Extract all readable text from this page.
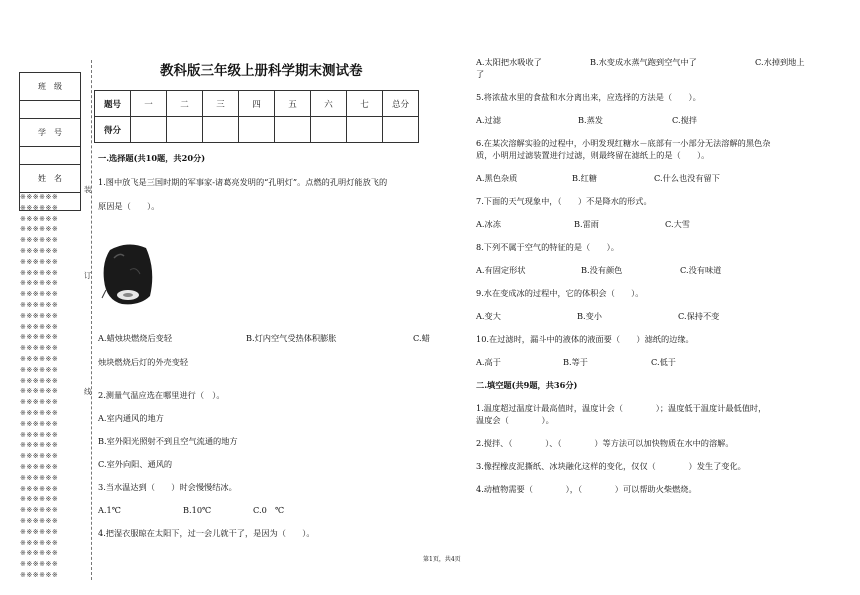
班　级

学　号

姓　名

※※※※※※
※※※※※※
※※※※※※
※※※※※※
※※※※※※
※※※※※※
※※※※※※
※※※※※※
※※※※※※
※※※※※※
※※※※※※
※※※※※※
※※※※※※
※※※※※※
※※※※※※
※※※※※※
※※※※※※
※※※※※※
※※※※※※
※※※※※※
※※※※※※
※※※※※※
※※※※※※
※※※※※※
※※※※※※
※※※※※※
※※※※※※
※※※※※※
※※※※※※
※※※※※※
※※※※※※
※※※※※※
※※※※※※
※※※※※※
※※※※※※
※※※※※※

装
订
线
教科版三年级上册科学期末测试卷
题号	一	二	三	四	五	六	七	总分
得分								
一.选择题(共10题，共20分)
1.图中放飞是三国时期的军事家-诸葛亮发明的“孔明灯”。点燃的孔明灯能放飞的
原因是（　　）。
A.蜡烛块燃烧后变轻	B.灯内空气受热体积膨胀	C.蜡
烛块燃烧后灯的外壳变轻
2.测量气温应选在哪里进行（　）。
A.室内通风的地方
B.室外阳光照射不到且空气流通的地方
C.室外向阳、通风的
3.当水温达到（　　）时会慢慢结冰。
A.1℃	B.10℃	C.0　℃
4.把湿衣服晾在太阳下，过一会儿就干了，是因为（　　）。
A.太阳把水吸收了	B.水变成水蒸气跑到空气中了	C.水掉到地上
了
5.将浓盐水里的食盐和水分离出来，应选择的方法是（　　）。
A.过滤	B.蒸发	C.搅拌
6.在某次溶解实验的过程中，小明发现红糖水－底部有一小部分无法溶解的黑色杂
质，小明用过滤装置进行过滤，则最终留在滤纸上的是（　　）。
A.黑色杂质	B.红糖	C.什么也没有留下
7.下面的天气现象中，（　　）不是降水的形式。
A.冰冻	B.雷雨	C.大雪
8.下列不属于空气的特征的是（　　）。
A.有固定形状	B.没有颜色	C.没有味道
9.水在变成冰的过程中，它的体积会（　　）。
A.变大	B.变小	C.保持不变
10.在过滤时，漏斗中的液体的液面要（　　）滤纸的边缘。
A.高于	B.等于	C.低于
二.填空题(共9题，共36分)
1.温度超过温度计最高值时，温度计会（　　　　）；温度低于温度计最低值时，
温度会（　　　　）。
2.搅拌、（　　　　）、（　　　　）等方法可以加快物质在水中的溶解。
3.像捏橡皮泥撕纸、冰块融化这样的变化，仅仅（　　　　）发生了变化。
4.动植物需要（　　　　），（　　　　）可以帮助火柴燃烧。
第1页，共4页
